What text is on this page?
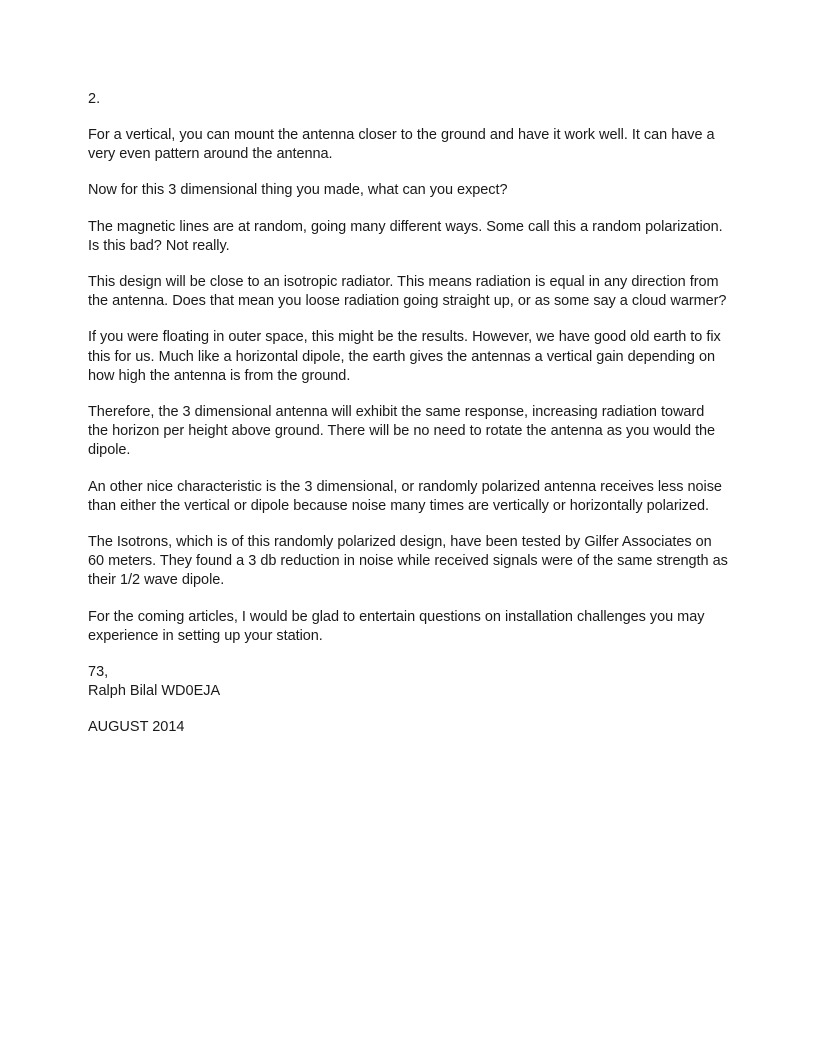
2.

For a vertical, you can mount the antenna closer to the ground and have it work well. It can have a very even pattern around the antenna.

Now for this 3 dimensional thing you made, what can you expect?

The magnetic lines are at random, going many different ways. Some call this a random polarization. Is this bad? Not really.

This design will be close to an isotropic radiator. This means radiation is equal in any direction from the antenna. Does that mean you loose radiation going straight up, or as some say a cloud warmer?

If you were floating in outer space, this might be the results. However, we have good old earth to fix this for us. Much like a horizontal dipole, the earth gives the antennas a vertical gain depending on how high the antenna is from the ground.

Therefore, the 3 dimensional antenna will exhibit the same response, increasing radiation toward the horizon per height above ground. There will be no need to rotate the antenna as you would the dipole.

An other nice characteristic is the 3 dimensional, or randomly polarized antenna receives less noise than either the vertical or dipole because noise many times are vertically or horizontally polarized.

The Isotrons, which is of this randomly polarized design, have been tested by Gilfer Associates on 60 meters. They found a 3 db reduction in noise while received signals were of the same strength as their 1/2 wave dipole.

For the coming articles, I would be glad to entertain questions on installation challenges you may experience in setting up your station.

73,
Ralph Bilal WD0EJA
AUGUST 2014
